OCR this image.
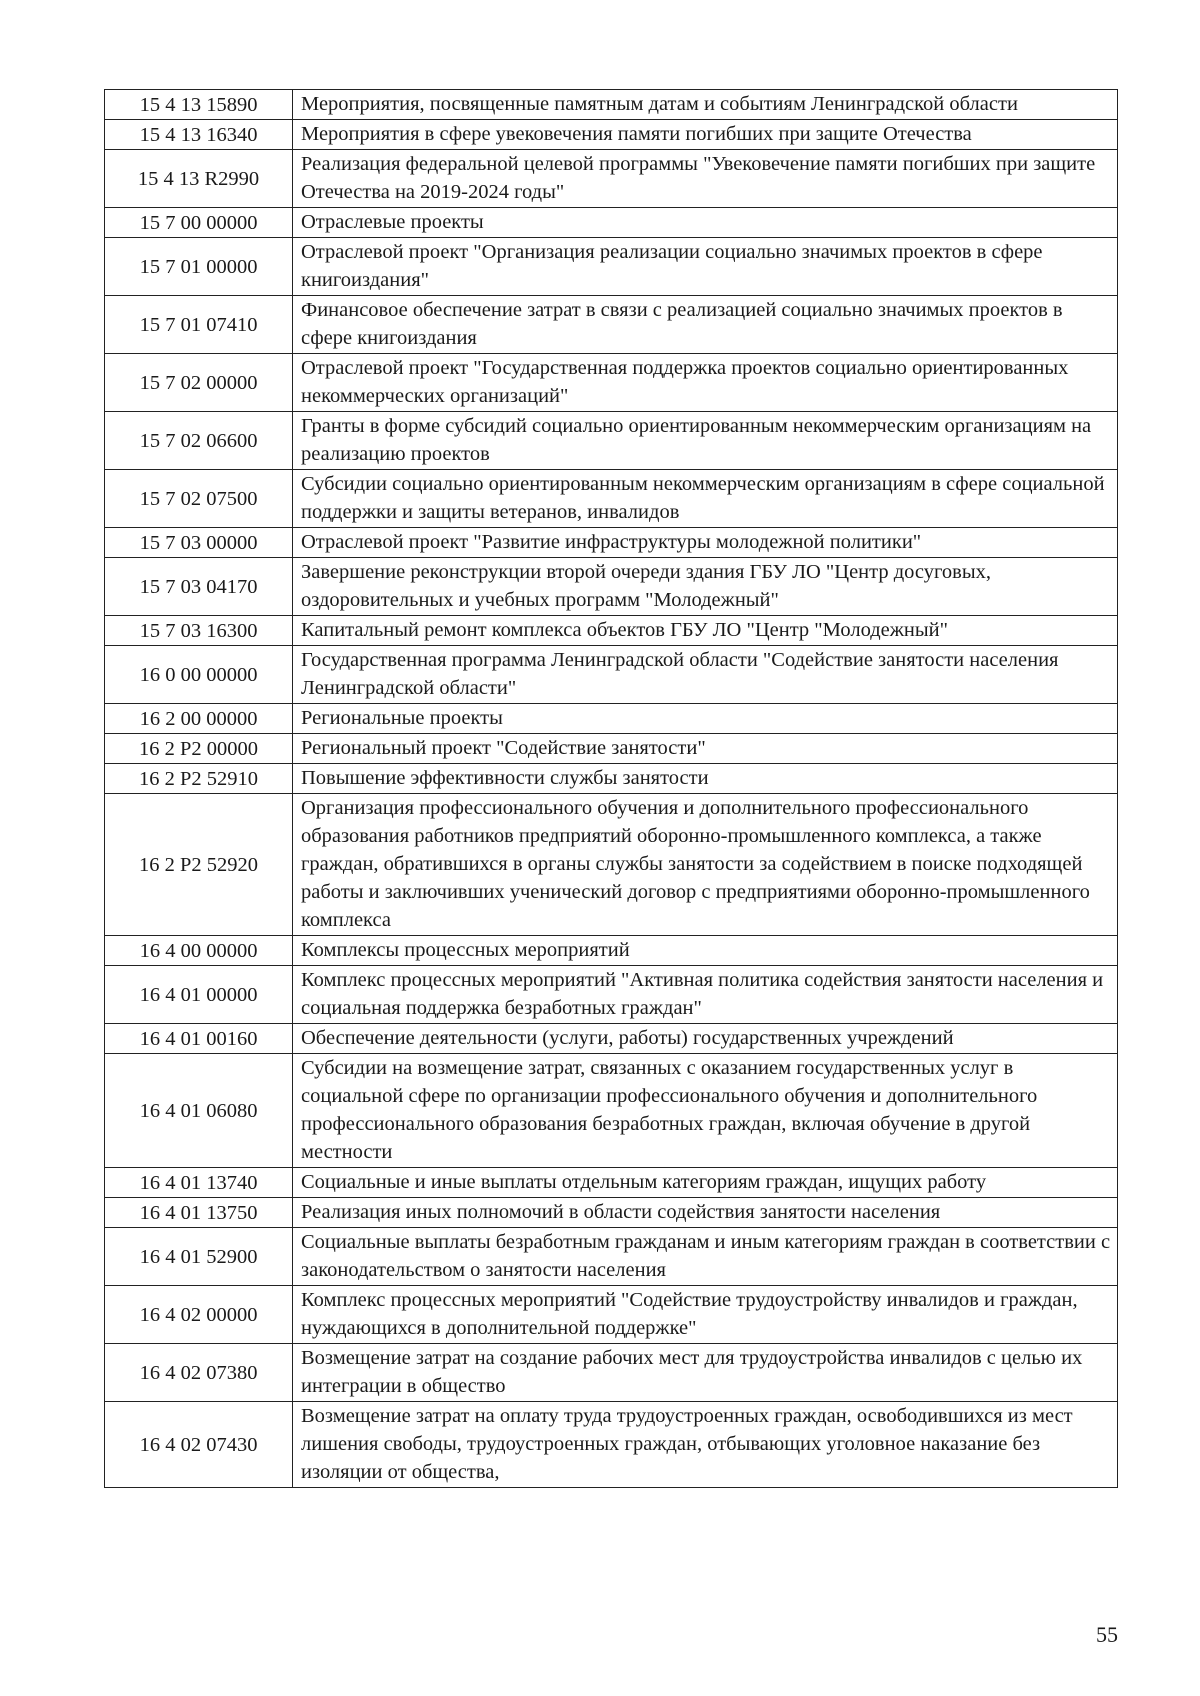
15 4 13 15890	Мероприятия, посвященные памятным датам и событиям Ленинградской области
15 4 13 16340	Мероприятия в сфере увековечения памяти погибших при защите Отечества
15 4 13 R2990	Реализация федеральной целевой программы "Увековечение памяти погибших при защите Отечества на 2019-2024 годы"
15 7 00 00000	Отраслевые проекты
15 7 01 00000	Отраслевой проект "Организация реализации социально значимых проектов в сфере книгоиздания"
15 7 01 07410	Финансовое обеспечение затрат в связи с реализацией социально значимых проектов в сфере книгоиздания
15 7 02 00000	Отраслевой проект "Государственная поддержка проектов социально ориентированных некоммерческих организаций"
15 7 02 06600	Гранты в форме субсидий социально ориентированным некоммерческим организациям на реализацию проектов
15 7 02 07500	Субсидии социально ориентированным некоммерческим организациям в сфере социальной поддержки и защиты ветеранов, инвалидов
15 7 03 00000	Отраслевой проект "Развитие инфраструктуры молодежной политики"
15 7 03 04170	Завершение реконструкции второй очереди здания ГБУ ЛО "Центр досуговых, оздоровительных и учебных программ "Молодежный"
15 7 03 16300	Капитальный ремонт комплекса объектов ГБУ ЛО "Центр "Молодежный"
16 0 00 00000	Государственная программа Ленинградской области "Содействие занятости населения Ленинградской области"
16 2 00 00000	Региональные проекты
16 2 P2 00000	Региональный проект "Содействие занятости"
16 2 P2 52910	Повышение эффективности службы занятости
16 2 P2 52920	Организация профессионального обучения и дополнительного профессионального образования работников предприятий оборонно-промышленного комплекса, а также граждан, обратившихся в органы службы занятости за содействием в поиске подходящей работы и заключивших ученический договор с предприятиями оборонно-промышленного комплекса
16 4 00 00000	Комплексы процессных мероприятий
16 4 01 00000	Комплекс процессных мероприятий "Активная политика содействия занятости населения и социальная поддержка безработных граждан"
16 4 01 00160	Обеспечение деятельности (услуги, работы) государственных учреждений
16 4 01 06080	Субсидии на возмещение затрат, связанных с оказанием государственных услуг в социальной сфере по организации профессионального обучения и дополнительного профессионального образования безработных граждан, включая обучение в другой местности
16 4 01 13740	Социальные и иные выплаты отдельным категориям граждан, ищущих работу
16 4 01 13750	Реализация иных полномочий в области содействия занятости населения
16 4 01 52900	Социальные выплаты безработным гражданам и иным категориям граждан в соответствии с законодательством о занятости населения
16 4 02 00000	Комплекс процессных мероприятий "Содействие трудоустройству инвалидов и граждан, нуждающихся в дополнительной поддержке"
16 4 02 07380	Возмещение затрат на создание рабочих мест для трудоустройства инвалидов с целью их интеграции в общество
16 4 02 07430	Возмещение затрат на оплату труда трудоустроенных граждан, освободившихся из мест лишения свободы, трудоустроенных граждан, отбывающих уголовное наказание без изоляции от общества,
55
